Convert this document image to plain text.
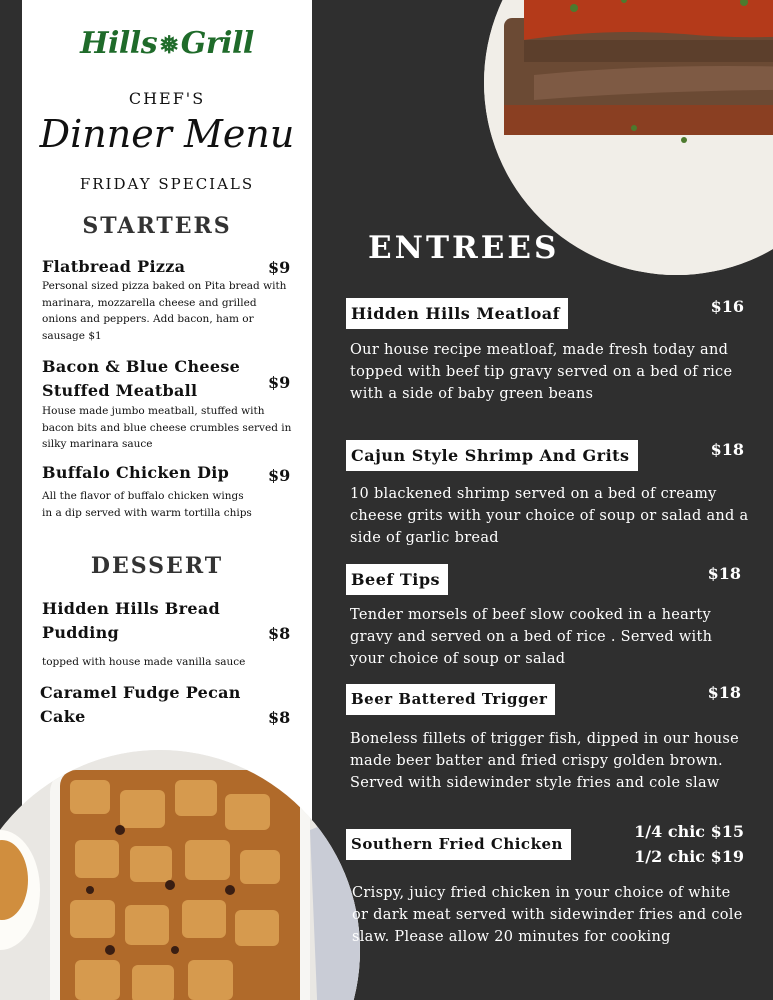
Hills❅Grill
CHEF'S
Dinner Menu
FRIDAY SPECIALS
STARTERS
Flatbread Pizza	$9
Personal sized pizza baked on Pita bread with marinara, mozzarella cheese and grilled onions and peppers. Add bacon, ham or sausage $1
Bacon & Blue Cheese Stuffed Meatball	$9
House made jumbo meatball, stuffed with bacon bits and blue cheese crumbles served in silky marinara sauce
Buffalo Chicken Dip	$9
All the flavor of buffalo chicken wings in a dip served with warm tortilla chips
DESSERT
Hidden Hills Bread Pudding	$8
topped with house made vanilla sauce
Caramel Fudge Pecan Cake	$8
ENTREES
Hidden Hills Meatloaf	$16
Our house recipe meatloaf, made fresh today and topped with beef tip gravy served on a bed of rice with a side of baby green beans
Cajun Style Shrimp And Grits	$18
10 blackened shrimp served on a bed of creamy cheese grits with your choice of soup or salad and a side of garlic bread
Beef Tips	$18
Tender morsels of beef slow cooked in a hearty gravy and served on a bed of rice . Served with your choice of soup or salad
Beer Battered Trigger	$18
Boneless fillets of trigger fish, dipped in our house made beer batter and fried crispy golden brown. Served with sidewinder style fries and cole slaw
Southern Fried Chicken
1/4 chic $15
1/2 chic $19
Crispy, juicy fried chicken in your choice of white or dark meat served with sidewinder fries and cole slaw. Please allow 20 minutes for cooking
